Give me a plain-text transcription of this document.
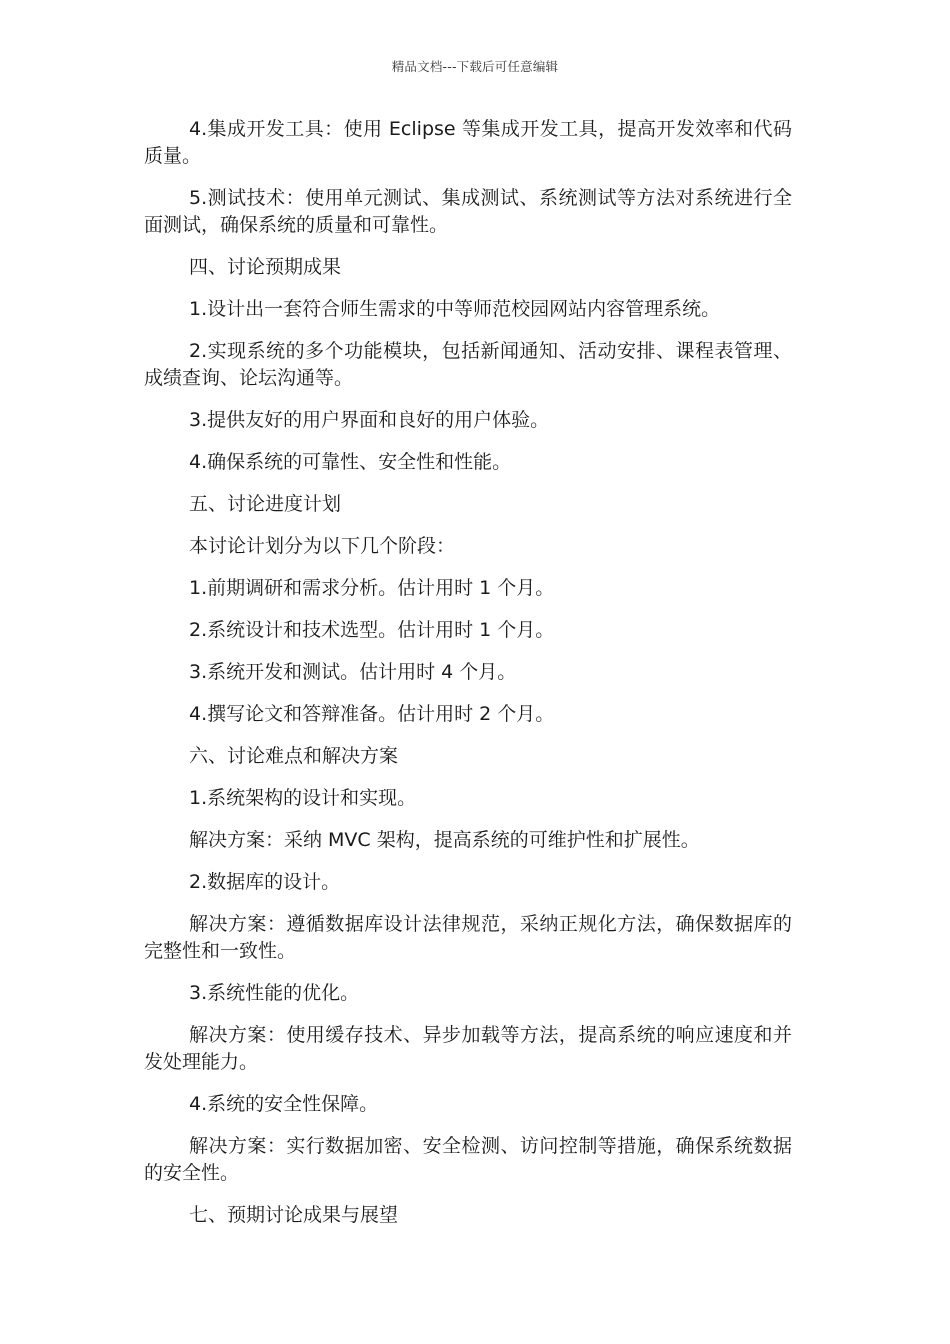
精品文档---下载后可任意编辑

4.集成开发工具：使用 Eclipse 等集成开发工具，提高开发效率和代码质量。

5.测试技术：使用单元测试、集成测试、系统测试等方法对系统进行全面测试，确保系统的质量和可靠性。

四、讨论预期成果

1.设计出一套符合师生需求的中等师范校园网站内容管理系统。

2.实现系统的多个功能模块，包括新闻通知、活动安排、课程表管理、成绩查询、论坛沟通等。

3.提供友好的用户界面和良好的用户体验。

4.确保系统的可靠性、安全性和性能。

五、讨论进度计划

本讨论计划分为以下几个阶段：

1.前期调研和需求分析。估计用时 1 个月。

2.系统设计和技术选型。估计用时 1 个月。

3.系统开发和测试。估计用时 4 个月。

4.撰写论文和答辩准备。估计用时 2 个月。

六、讨论难点和解决方案

1.系统架构的设计和实现。

解决方案：采纳 MVC 架构，提高系统的可维护性和扩展性。

2.数据库的设计。

解决方案：遵循数据库设计法律规范，采纳正规化方法，确保数据库的完整性和一致性。

3.系统性能的优化。

解决方案：使用缓存技术、异步加载等方法，提高系统的响应速度和并发处理能力。

4.系统的安全性保障。

解决方案：实行数据加密、安全检测、访问控制等措施，确保系统数据的安全性。

七、预期讨论成果与展望
